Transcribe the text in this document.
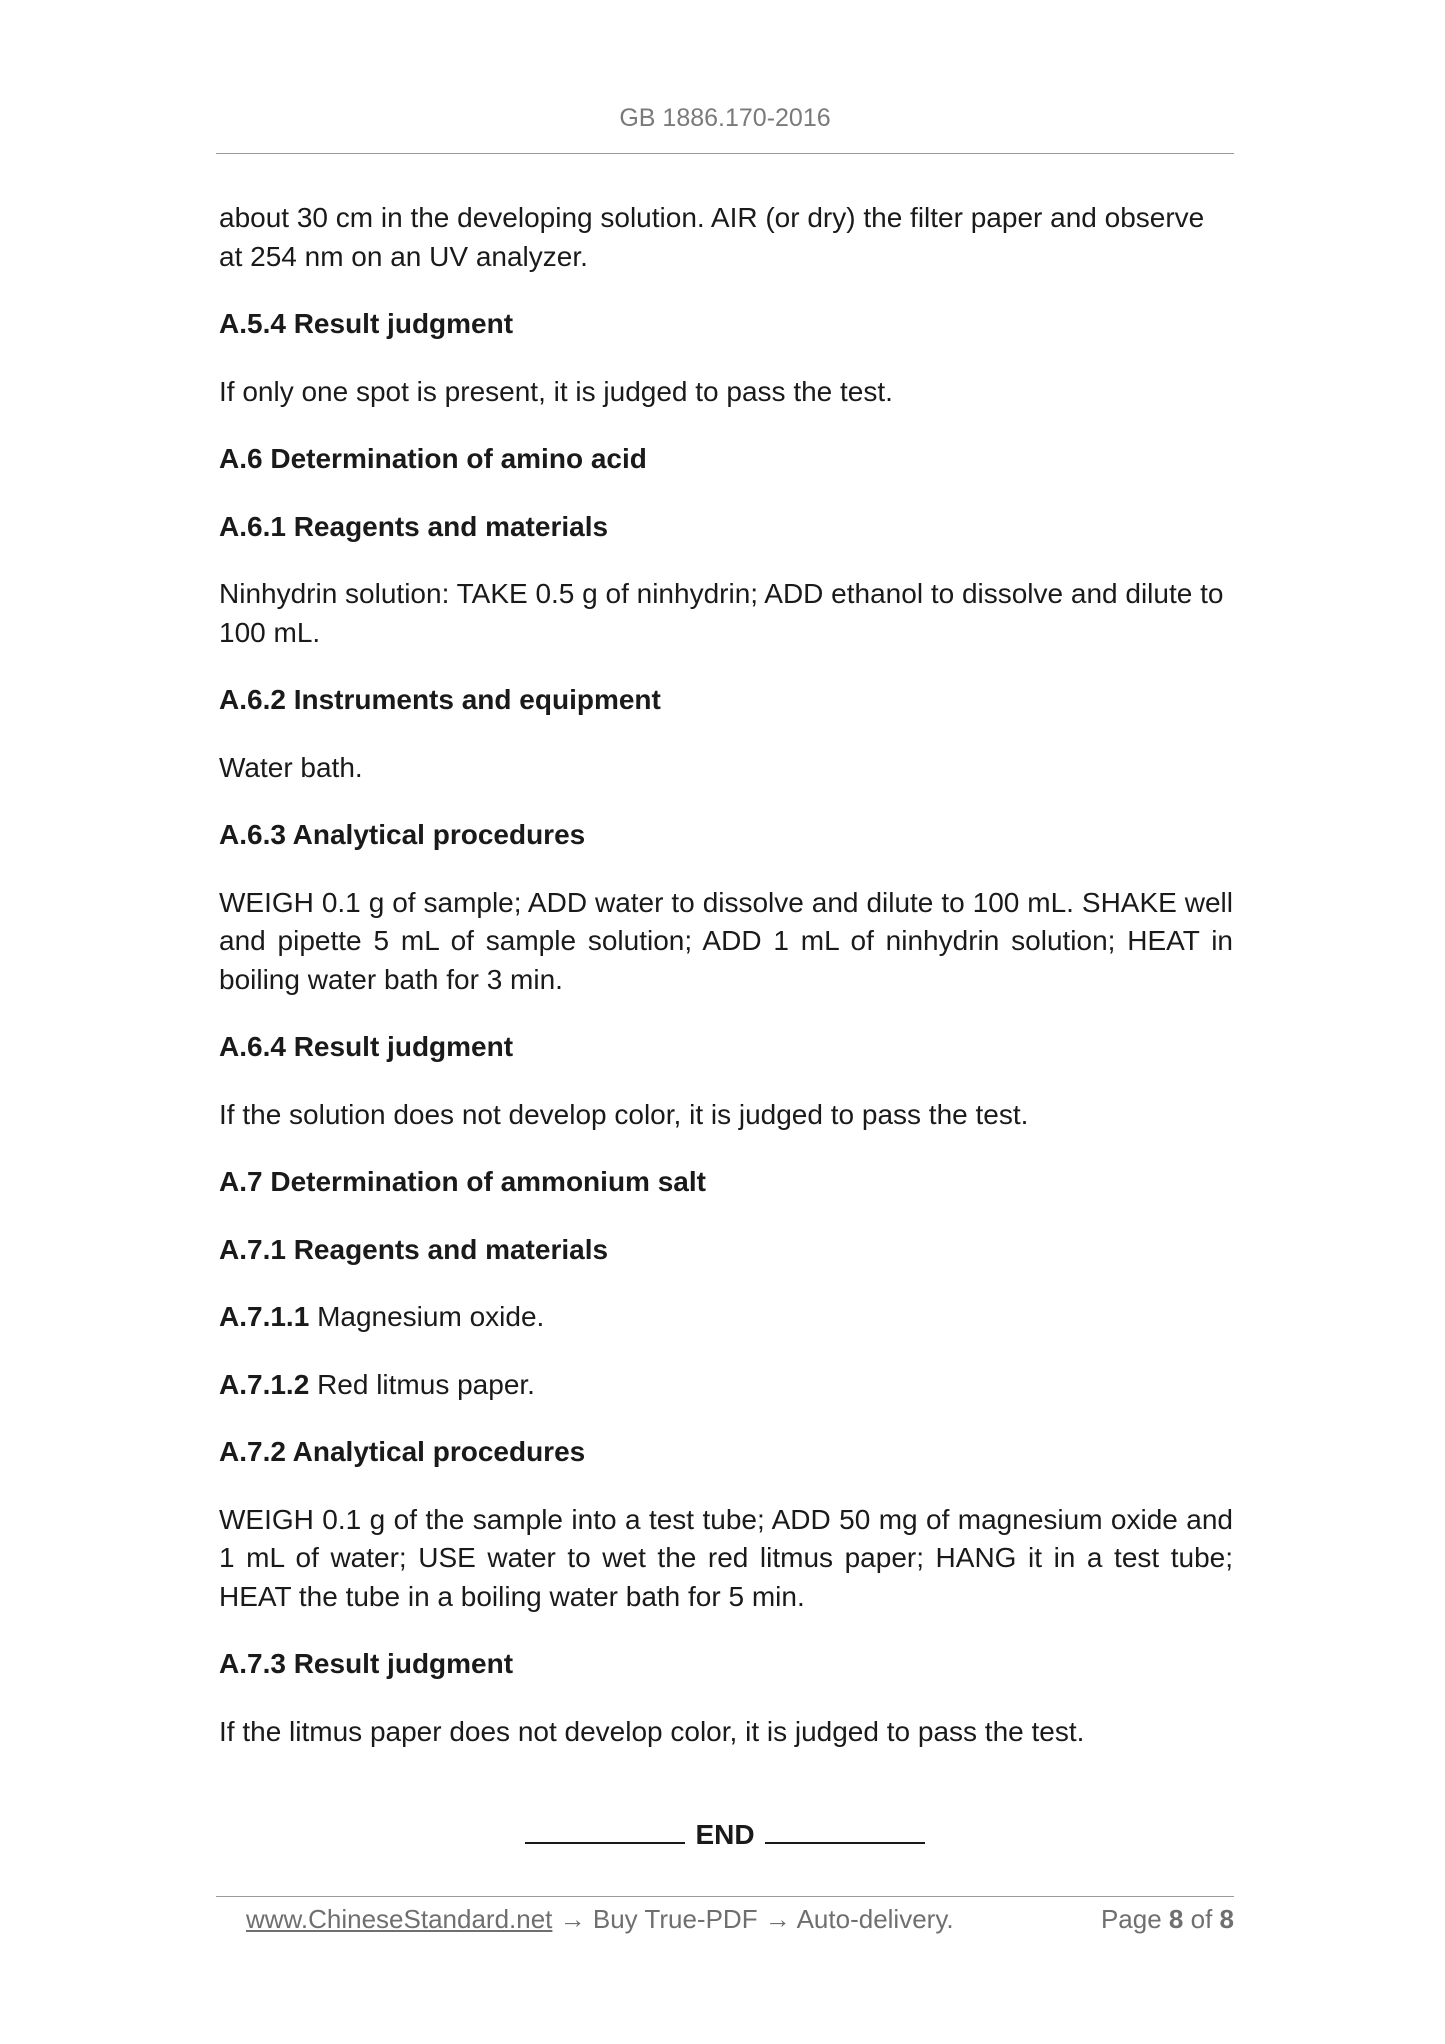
GB 1886.170-2016

about 30 cm in the developing solution. AIR (or dry) the filter paper and observe at 254 nm on an UV analyzer.

A.5.4 Result judgment

If only one spot is present, it is judged to pass the test.

A.6 Determination of amino acid

A.6.1 Reagents and materials

Ninhydrin solution: TAKE 0.5 g of ninhydrin; ADD ethanol to dissolve and dilute to 100 mL.

A.6.2 Instruments and equipment

Water bath.

A.6.3 Analytical procedures

WEIGH 0.1 g of sample; ADD water to dissolve and dilute to 100 mL. SHAKE well and pipette 5 mL of sample solution; ADD 1 mL of ninhydrin solution; HEAT in boiling water bath for 3 min.

A.6.4 Result judgment

If the solution does not develop color, it is judged to pass the test.

A.7 Determination of ammonium salt

A.7.1 Reagents and materials

A.7.1.1 Magnesium oxide.

A.7.1.2 Red litmus paper.

A.7.2 Analytical procedures

WEIGH 0.1 g of the sample into a test tube; ADD 50 mg of magnesium oxide and 1 mL of water; USE water to wet the red litmus paper; HANG it in a test tube; HEAT the tube in a boiling water bath for 5 min.

A.7.3 Result judgment

If the litmus paper does not develop color, it is judged to pass the test.

END
www.ChineseStandard.net → Buy True-PDF → Auto-delivery.	Page 8 of 8
